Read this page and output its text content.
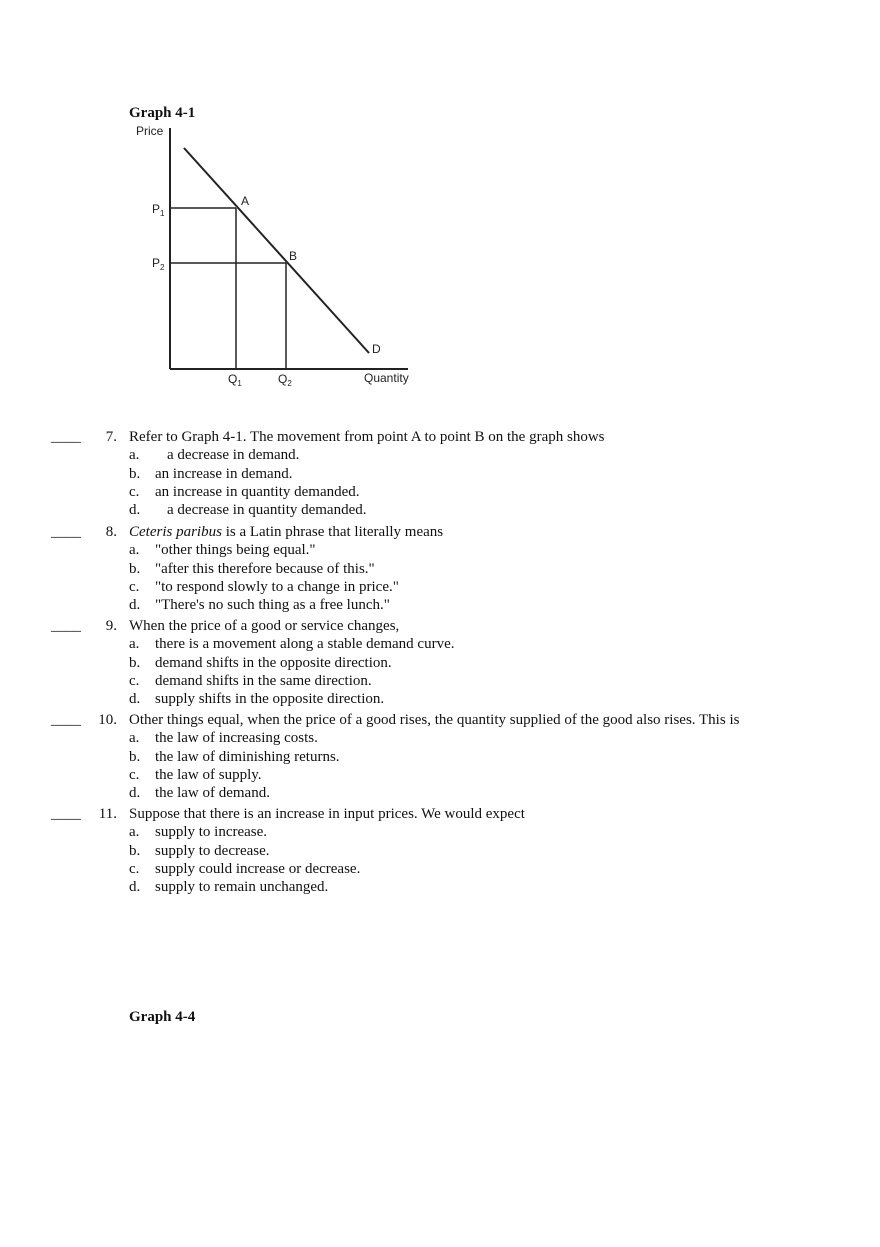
Graph 4-1
Price
$P_1$
$P_2$
A
B
D
$Q_1$	$Q_2$	Quantity
____	7. Refer to Graph 4-1. The movement from point A to point B on the graph shows
a. a decrease in demand.
b. an increase in demand.
c. an increase in quantity demanded.
d. a decrease in quantity demanded.
____	8. Ceteris paribus is a Latin phrase that literally means
a. "other things being equal."
b. "after this therefore because of this."
c. "to respond slowly to a change in price."
d. "There's no such thing as a free lunch."
____	9. When the price of a good or service changes,
a. there is a movement along a stable demand curve.
b. demand shifts in the opposite direction.
c. demand shifts in the same direction.
d. supply shifts in the opposite direction.
____	10. Other things equal, when the price of a good rises, the quantity supplied of the good also rises. This is
a. the law of increasing costs.
b. the law of diminishing returns.
c. the law of supply.
d. the law of demand.
____	11. Suppose that there is an increase in input prices. We would expect
a. supply to increase.
b. supply to decrease.
c. supply could increase or decrease.
d. supply to remain unchanged.
Graph 4-4
